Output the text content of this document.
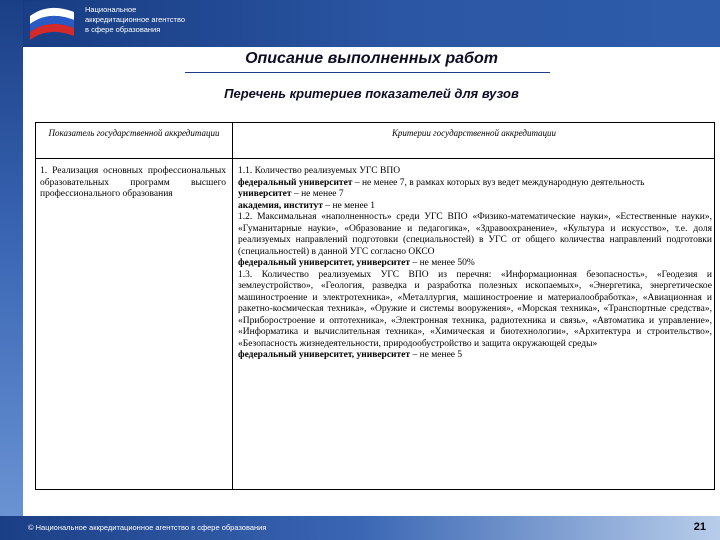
Национальное
аккредитационное агентство
в сфере образования
Описание выполненных работ
Перечень критериев показателей для вузов
Показатель государственной аккредитации	Критерии государственной аккредитации
1. Реализация основных профессиональных образовательных программ высшего профессионального образования

1.1. Количество реализуемых УГС ВПО

федеральный университет – не менее 7, в рамках которых вуз ведет международную деятельность

университет – не менее 7

академия, институт – не менее 1

1.2. Максимальная «наполненность» среди УГС ВПО «Физико-математические науки», «Естественные науки», «Гуманитарные науки», «Образование и педагогика», «Здравоохранение», «Культура и искусство», т.е. доля реализуемых направлений подготовки (специальностей) в УГС от общего количества направлений подготовки (специальностей) в данной УГС согласно ОКСО

федеральный университет, университет – не менее 50%

1.3. Количество реализуемых УГС ВПО из перечня: «Информационная безопасность», «Геодезия и землеустройство», «Геология, разведка и разработка полезных ископаемых», «Энергетика, энергетическое машиностроение и электротехника», «Металлургия, машиностроение и материалообработка», «Авиационная и ракетно-космическая техника», «Оружие и системы вооружения», «Морская техника», «Транспортные средства», «Приборостроение и оптотехника», «Электронная техника, радиотехника и связь», «Автоматика и управление», «Информатика и вычислительная техника», «Химическая и биотехнологии», «Архитектура и строительство», «Безопасность жизнедеятельности, природообустройство и защита окружающей среды»

федеральный университет, университет – не менее 5

© Национальное аккредитационное агентство в сфере образования	21
